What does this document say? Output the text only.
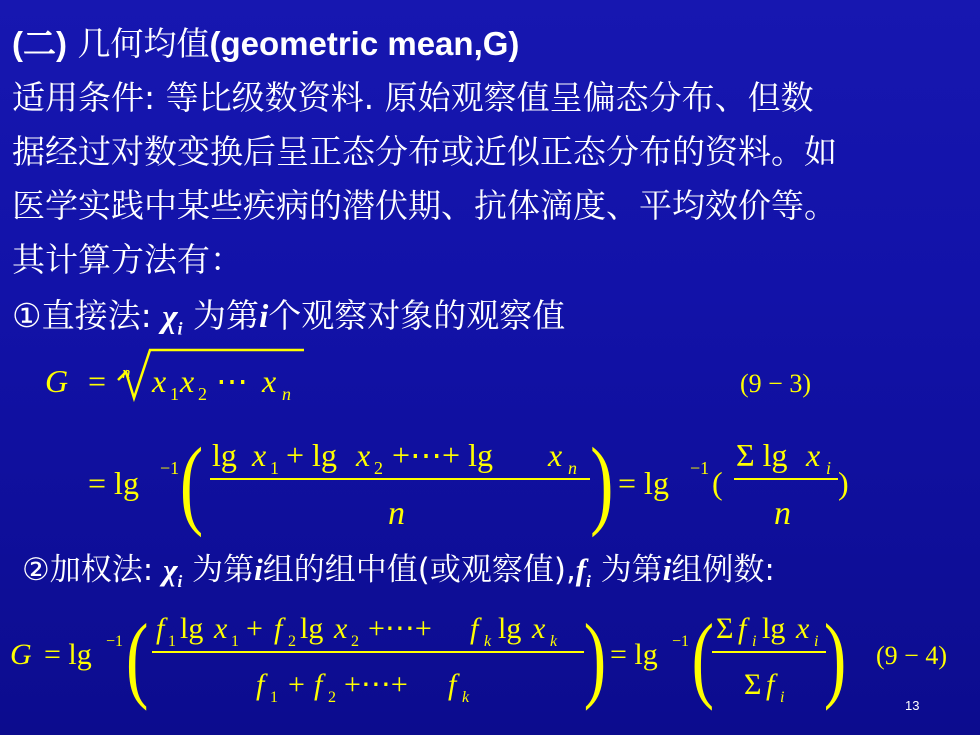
(二) 几何均值(geometric mean,G)
适用条件: 等比级数资料. 原始观察值呈偏态分布、但数
据经过对数变换后呈正态分布或近似正态分布的资料。如
医学实践中某些疾病的潜伏期、抗体滴度、平均效价等。
其计算方法有：
①直接法: $\chi_i$ 为第i个观察对象的观察值
G = n x 1 x 2 ⋯ x n	(9 − 3)
= lg −1 ( lg x 1 + lg x 2 +⋯+ lg x n
n ) = lg −1 (
Σ lg x i
n
)
G = lg −1 ( f 1 lg x 1 + f 2 lg x 2 +⋯+ f k lg x k
f 1 + f 2 +⋯+ f k ) = lg −1 ( Σ f i lg x i
Σ f i ) (9 − 4)
②加权法: $\chi_i$ 为第i组的组中值(或观察值)$,f_i$ 为第i组例数:
13
